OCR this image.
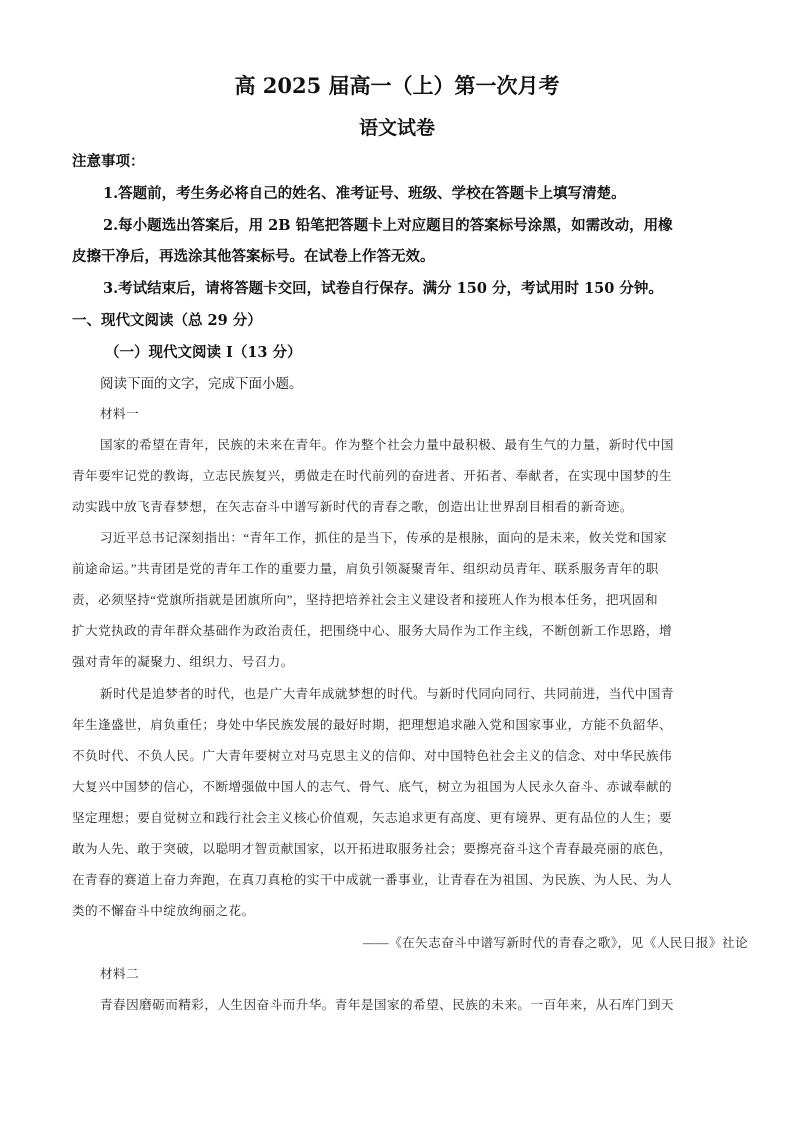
高 2025 届高一（上）第一次月考
语文试卷
注意事项：
1.答题前，考生务必将自己的姓名、准考证号、班级、学校在答题卡上填写清楚。
2.每小题选出答案后，用 2B 铅笔把答题卡上对应题目的答案标号涂黑，如需改动，用橡
皮擦干净后，再选涂其他答案标号。在试卷上作答无效。
3.考试结束后，请将答题卡交回，试卷自行保存。满分 150 分，考试用时 150 分钟。
一、现代文阅读（总 29 分）
（一）现代文阅读 I（13 分）
阅读下面的文字，完成下面小题。
材料一
国家的希望在青年，民族的未来在青年。作为整个社会力量中最积极、最有生气的力量，新时代中国
青年要牢记党的教诲，立志民族复兴，勇做走在时代前列的奋进者、开拓者、奉献者，在实现中国梦的生
动实践中放飞青春梦想，在矢志奋斗中谱写新时代的青春之歌，创造出让世界刮目相看的新奇迹。
习近平总书记深刻指出：“青年工作，抓住的是当下，传承的是根脉，面向的是未来，攸关党和国家
前途命运。”共青团是党的青年工作的重要力量，肩负引领凝聚青年、组织动员青年、联系服务青年的职
责，必须坚持“党旗所指就是团旗所向”，坚持把培养社会主义建设者和接班人作为根本任务，把巩固和
扩大党执政的青年群众基础作为政治责任，把围绕中心、服务大局作为工作主线，不断创新工作思路，增
强对青年的凝聚力、组织力、号召力。
新时代是追梦者的时代，也是广大青年成就梦想的时代。与新时代同向同行、共同前进，当代中国青
年生逢盛世，肩负重任；身处中华民族发展的最好时期，把理想追求融入党和国家事业，方能不负韶华、
不负时代、不负人民。广大青年要树立对马克思主义的信仰、对中国特色社会主义的信念、对中华民族伟
大复兴中国梦的信心，不断增强做中国人的志气、骨气、底气，树立为祖国为人民永久奋斗、赤诚奉献的
坚定理想；要自觉树立和践行社会主义核心价值观，矢志追求更有高度、更有境界、更有品位的人生；要
敢为人先、敢于突破，以聪明才智贡献国家，以开拓进取服务社会；要擦亮奋斗这个青春最亮丽的底色，
在青春的赛道上奋力奔跑，在真刀真枪的实干中成就一番事业，让青春在为祖国、为民族、为人民、为人
类的不懈奋斗中绽放绚丽之花。
——《在矢志奋斗中谱写新时代的青春之歌》，见《人民日报》社论
材料二
青春因磨砺而精彩，人生因奋斗而升华。青年是国家的希望、民族的未来。一百年来，从石库门到天
